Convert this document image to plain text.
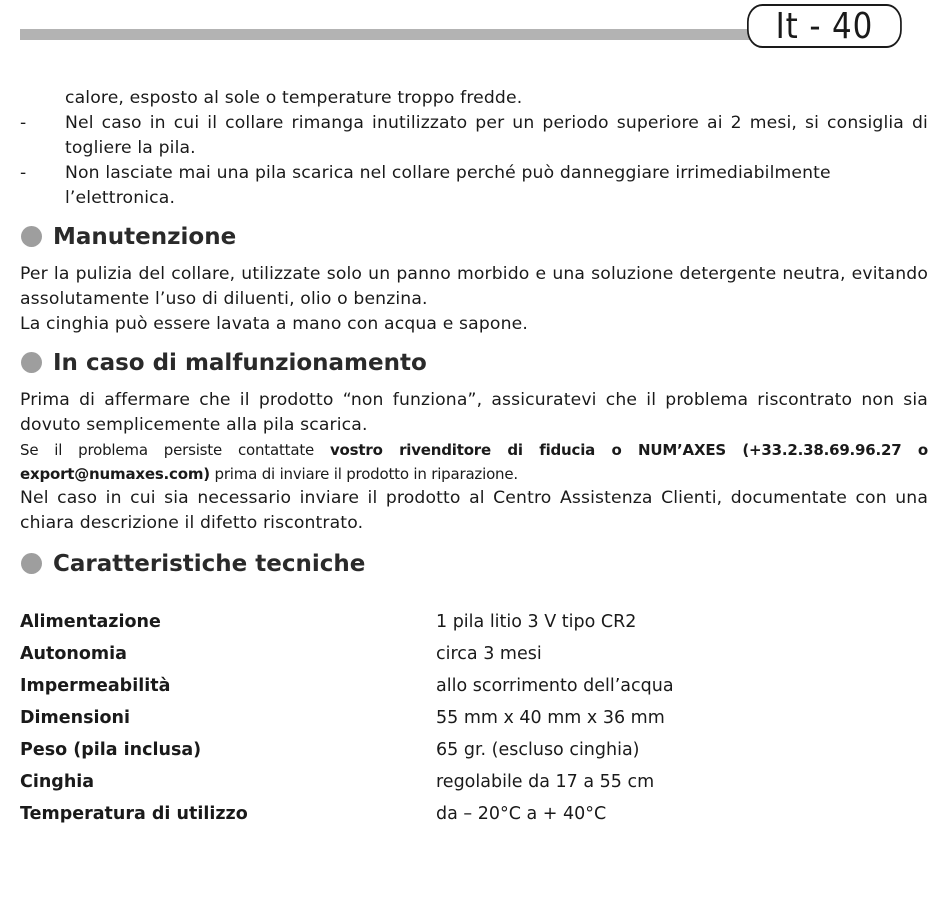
It - 40

calore, esposto al sole o temperature troppo fredde.

- Nel caso in cui il collare rimanga inutilizzato per un periodo superiore ai 2 mesi, si consiglia di togliere la pila.

- Non lasciate mai una pila scarica nel collare perché può danneggiare irrimediabilmente l’elettronica.

Manutenzione

Per la pulizia del collare, utilizzate solo un panno morbido e una soluzione detergente neutra, evitando assolutamente l’uso di diluenti, olio o benzina.

La cinghia può essere lavata a mano con acqua e sapone.

In caso di malfunzionamento

Prima di affermare che il prodotto “non funziona”, assicuratevi che il problema riscontrato non sia dovuto semplicemente alla pila scarica.

Se il problema persiste contattate vostro rivenditore di fiducia o NUM’AXES (+33.2.38.69.96.27 o export@numaxes.com) prima di inviare il prodotto in riparazione.

Nel caso in cui sia necessario inviare il prodotto al Centro Assistenza Clienti, documentate con una chiara descrizione il difetto riscontrato.

Caratteristiche tecniche
Alimentazione	1 pila litio 3 V tipo CR2
Autonomia	circa 3 mesi
Impermeabilità	allo scorrimento dell’acqua
Dimensioni	55 mm x 40 mm x 36 mm
Peso (pila inclusa)	65 gr. (escluso cinghia)
Cinghia	regolabile da 17 a 55 cm
Temperatura di utilizzo	da – 20°C a + 40°C
